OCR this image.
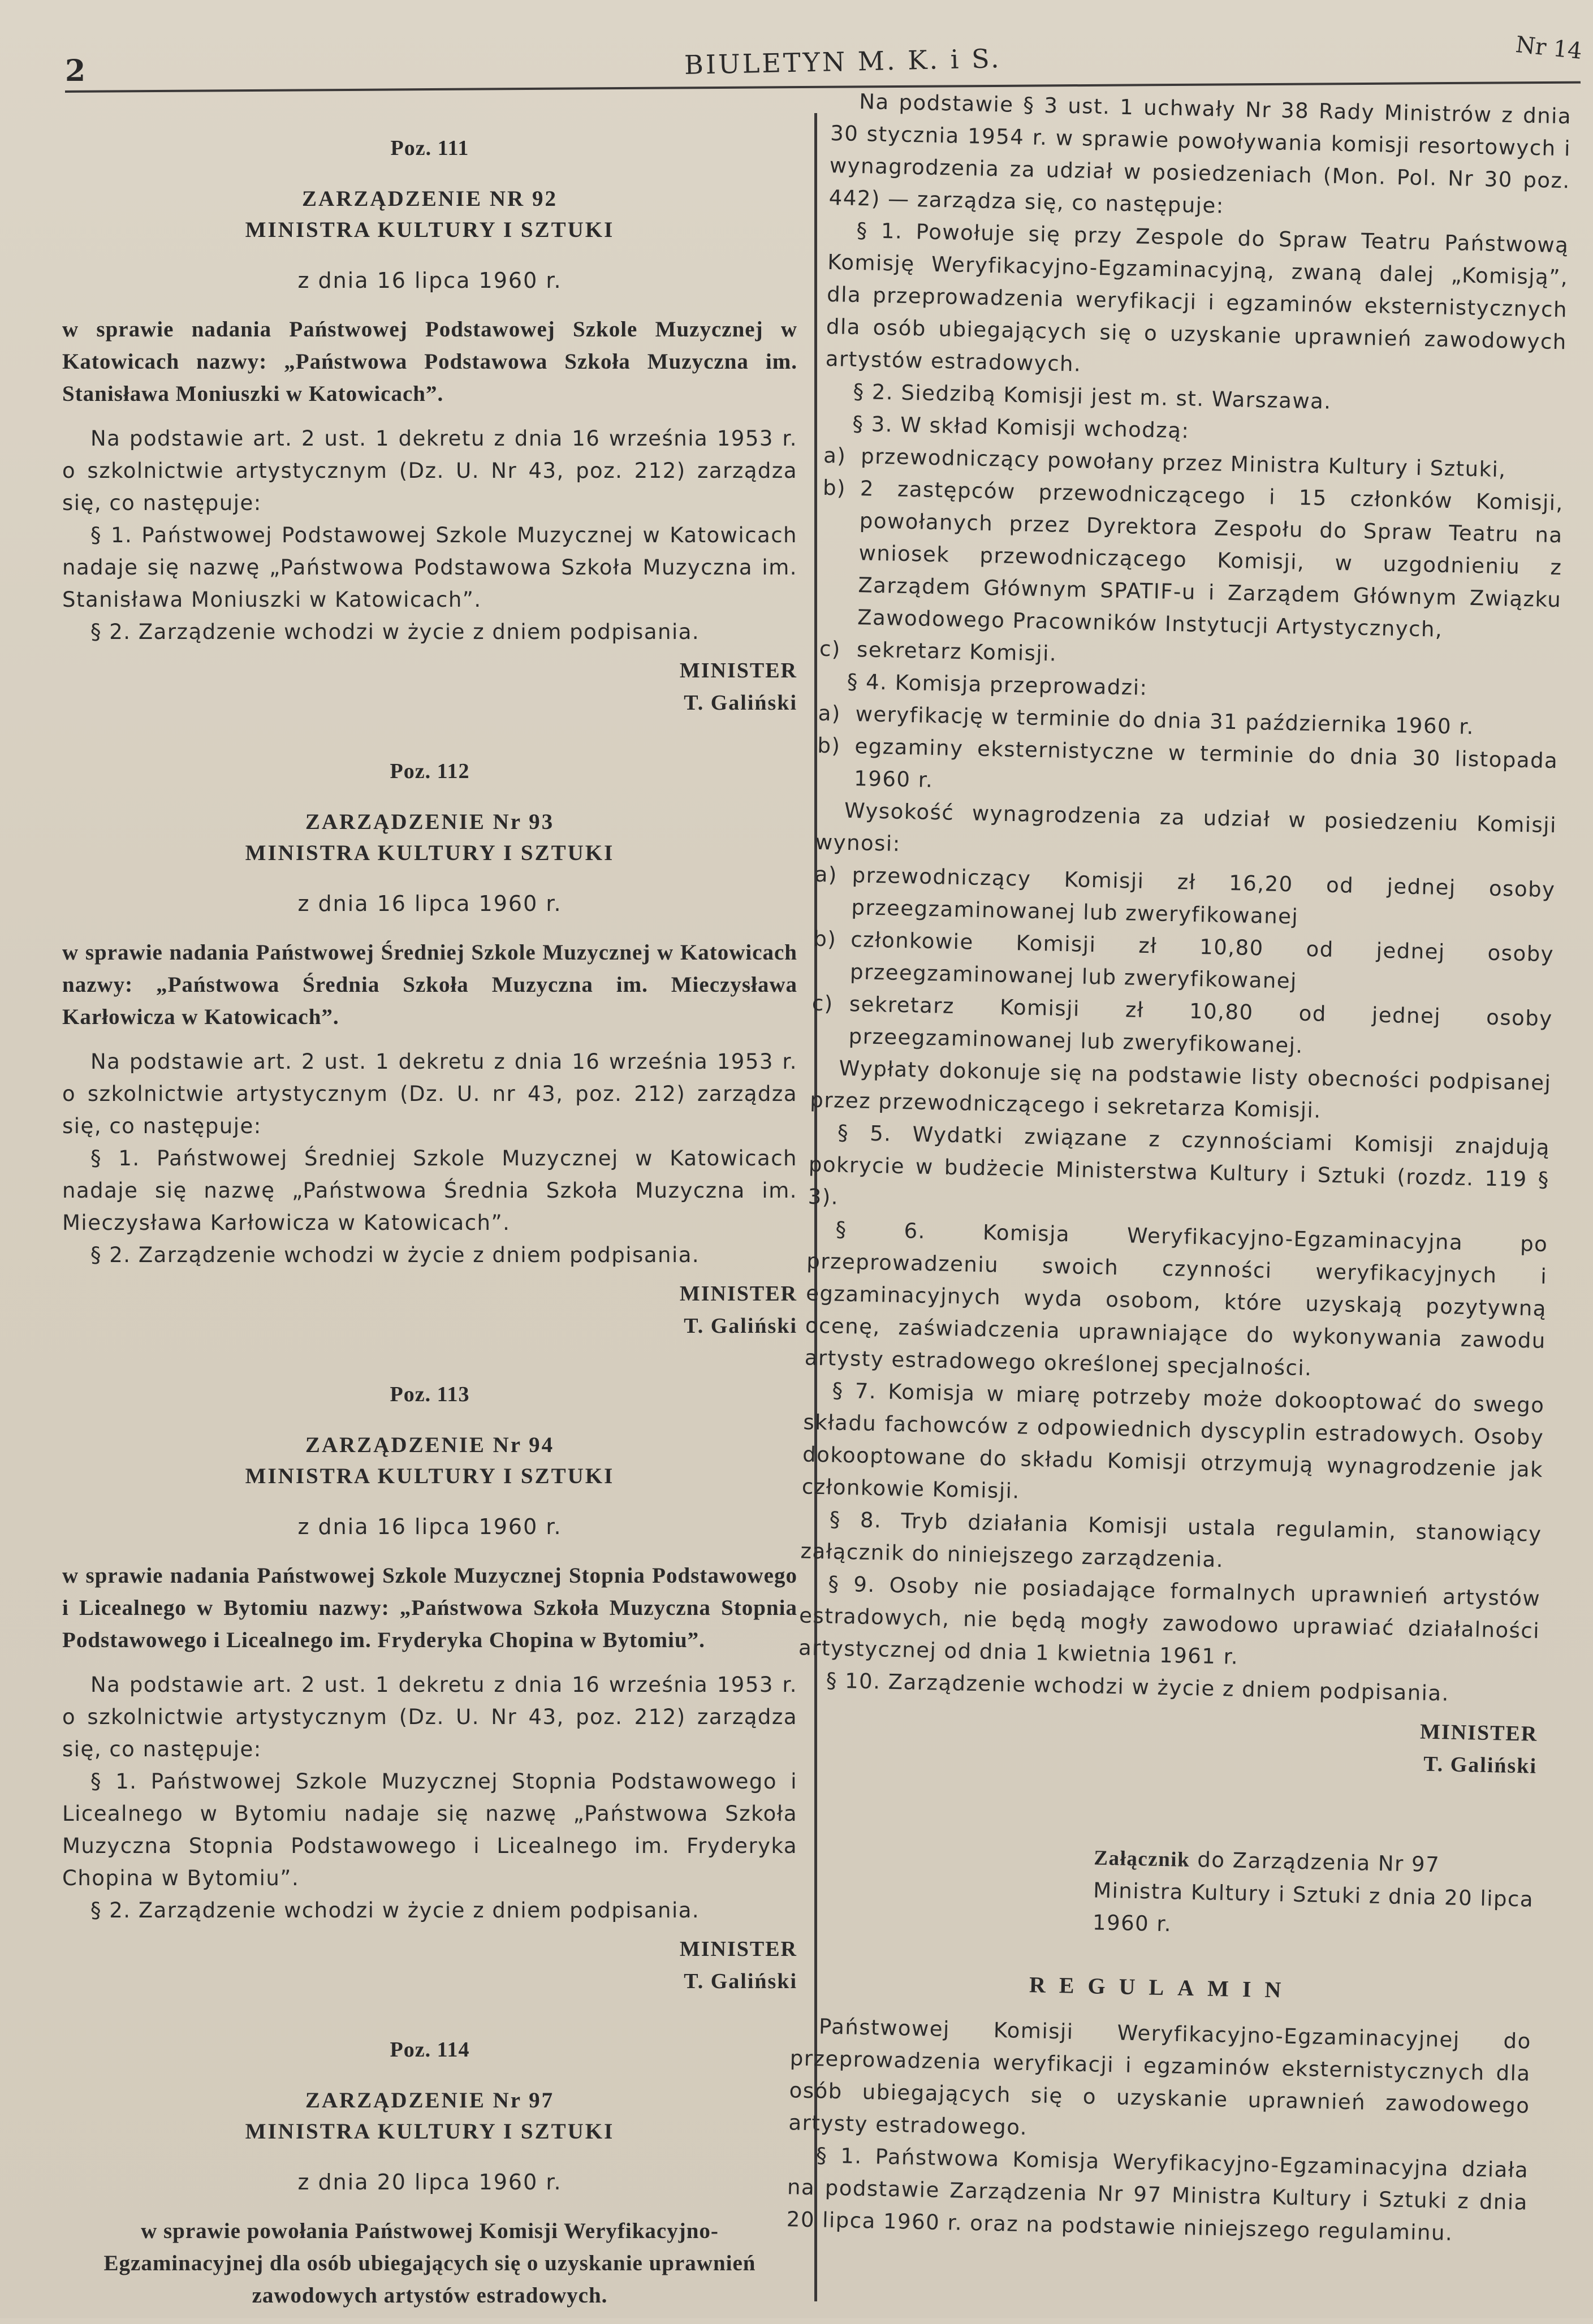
2	BIULETYN M. K. i S.	Nr 14

Poz. 111

ZARZĄDZENIE NR 92

MINISTRA KULTURY I SZTUKI

z dnia 16 lipca 1960 r.

w sprawie nadania Państwowej Podstawowej Szkole Muzycznej w Katowicach nazwy: „Państwowa Podstawowa Szkoła Muzyczna im. Stanisława Moniuszki w Katowicach”.

Na podstawie art. 2 ust. 1 dekretu z dnia 16 września 1953 r. o szkolnictwie artystycznym (Dz. U. Nr 43, poz. 212) zarządza się, co następuje:

§ 1. Państwowej Podstawowej Szkole Muzycznej w Katowicach nadaje się nazwę „Państwowa Podstawowa Szkoła Muzyczna im. Stanisława Moniuszki w Katowicach”.

§ 2. Zarządzenie wchodzi w życie z dniem podpisania.

MINISTER
T. Galiński

Poz. 112

ZARZĄDZENIE Nr 93

MINISTRA KULTURY I SZTUKI

z dnia 16 lipca 1960 r.

w sprawie nadania Państwowej Średniej Szkole Muzycznej w Katowicach nazwy: „Państwowa Średnia Szkoła Muzyczna im. Mieczysława Karłowicza w Katowicach”.

Na podstawie art. 2 ust. 1 dekretu z dnia 16 września 1953 r. o szkolnictwie artystycznym (Dz. U. nr 43, poz. 212) zarządza się, co następuje:

§ 1. Państwowej Średniej Szkole Muzycznej w Katowicach nadaje się nazwę „Państwowa Średnia Szkoła Muzyczna im. Mieczysława Karłowicza w Katowicach”.

§ 2. Zarządzenie wchodzi w życie z dniem podpisania.

MINISTER
T. Galiński

Poz. 113

ZARZĄDZENIE Nr 94

MINISTRA KULTURY I SZTUKI

z dnia 16 lipca 1960 r.

w sprawie nadania Państwowej Szkole Muzycznej Stopnia Podstawowego i Licealnego w Bytomiu nazwy: „Państwowa Szkoła Muzyczna Stopnia Podstawowego i Licealnego im. Fryderyka Chopina w Bytomiu”.

Na podstawie art. 2 ust. 1 dekretu z dnia 16 września 1953 r. o szkolnictwie artystycznym (Dz. U. Nr 43, poz. 212) zarządza się, co następuje:

§ 1. Państwowej Szkole Muzycznej Stopnia Podstawowego i Licealnego w Bytomiu nadaje się nazwę „Państwowa Szkoła Muzyczna Stopnia Podstawowego i Licealnego im. Fryderyka Chopina w Bytomiu”.

§ 2. Zarządzenie wchodzi w życie z dniem podpisania.

MINISTER
T. Galiński

Poz. 114

ZARZĄDZENIE Nr 97

MINISTRA KULTURY I SZTUKI

z dnia 20 lipca 1960 r.

w sprawie powołania Państwowej Komisji Weryfikacyjno-Egzaminacyjnej dla osób ubiegających się o uzyskanie uprawnień zawodowych artystów estradowych.

Na podstawie § 3 ust. 1 uchwały Nr 38 Rady Ministrów z dnia 30 stycznia 1954 r. w sprawie powoływania komisji resortowych i wynagrodzenia za udział w posiedzeniach (Mon. Pol. Nr 30 poz. 442) — zarządza się, co następuje:

§ 1. Powołuje się przy Zespole do Spraw Teatru Państwową Komisję Weryfikacyjno-Egzaminacyjną, zwaną dalej „Komisją”, dla przeprowadzenia weryfikacji i egzaminów eksternistycznych dla osób ubiegających się o uzyskanie uprawnień zawodowych artystów estradowych.

§ 2. Siedzibą Komisji jest m. st. Warszawa.

§ 3. W skład Komisji wchodzą:

a) przewodniczący powołany przez Ministra Kultury i Sztuki,
b) 2 zastępców przewodniczącego i 15 członków Komisji, powołanych przez Dyrektora Zespołu do Spraw Teatru na wniosek przewodniczącego Komisji, w uzgodnieniu z Zarządem Głównym SPATIF-u i Zarządem Głównym Związku Zawodowego Pracowników Instytucji Artystycznych,
c) sekretarz Komisji.

§ 4. Komisja przeprowadzi:

a) weryfikację w terminie do dnia 31 października 1960 r.
b) egzaminy eksternistyczne w terminie do dnia 30 listopada 1960 r.

Wysokość wynagrodzenia za udział w posiedzeniu Komisji wynosi:

a) przewodniczący Komisji zł 16,20 od jednej osoby przeegzaminowanej lub zweryfikowanej
b) członkowie Komisji zł 10,80 od jednej osoby przeegzaminowanej lub zweryfikowanej
c) sekretarz Komisji zł 10,80 od jednej osoby przeegzaminowanej lub zweryfikowanej.

Wypłaty dokonuje się na podstawie listy obecności podpisanej przez przewodniczącego i sekretarza Komisji.

§ 5. Wydatki związane z czynnościami Komisji znajdują pokrycie w budżecie Ministerstwa Kultury i Sztuki (rozdz. 119 § 3).

§ 6. Komisja Weryfikacyjno-Egzaminacyjna po przeprowadzeniu swoich czynności weryfikacyjnych i egzaminacyjnych wyda osobom, które uzyskają pozytywną ocenę, zaświadczenia uprawniające do wykonywania zawodu artysty estradowego określonej specjalności.

§ 7. Komisja w miarę potrzeby może dokooptować do swego składu fachowców z odpowiednich dyscyplin estradowych. Osoby dokooptowane do składu Komisji otrzymują wynagrodzenie jak członkowie Komisji.

§ 8. Tryb działania Komisji ustala regulamin, stanowiący załącznik do niniejszego zarządzenia.

§ 9. Osoby nie posiadające formalnych uprawnień artystów estradowych, nie będą mogły zawodowo uprawiać działalności artystycznej od dnia 1 kwietnia 1961 r.

§ 10. Zarządzenie wchodzi w życie z dniem podpisania.

MINISTER
T. Galiński
Załącznik do Zarządzenia Nr 97 Ministra Kultury i Sztuki z dnia 20 lipca 1960 r.

REGULAMIN

Państwowej Komisji Weryfikacyjno-Egzaminacyjnej do przeprowadzenia weryfikacji i egzaminów eksternistycznych dla osób ubiegających się o uzyskanie uprawnień zawodowego artysty estradowego.

§ 1. Państwowa Komisja Weryfikacyjno-Egzaminacyjna działa na podstawie Zarządzenia Nr 97 Ministra Kultury i Sztuki z dnia 20 lipca 1960 r. oraz na podstawie niniejszego regulaminu.
